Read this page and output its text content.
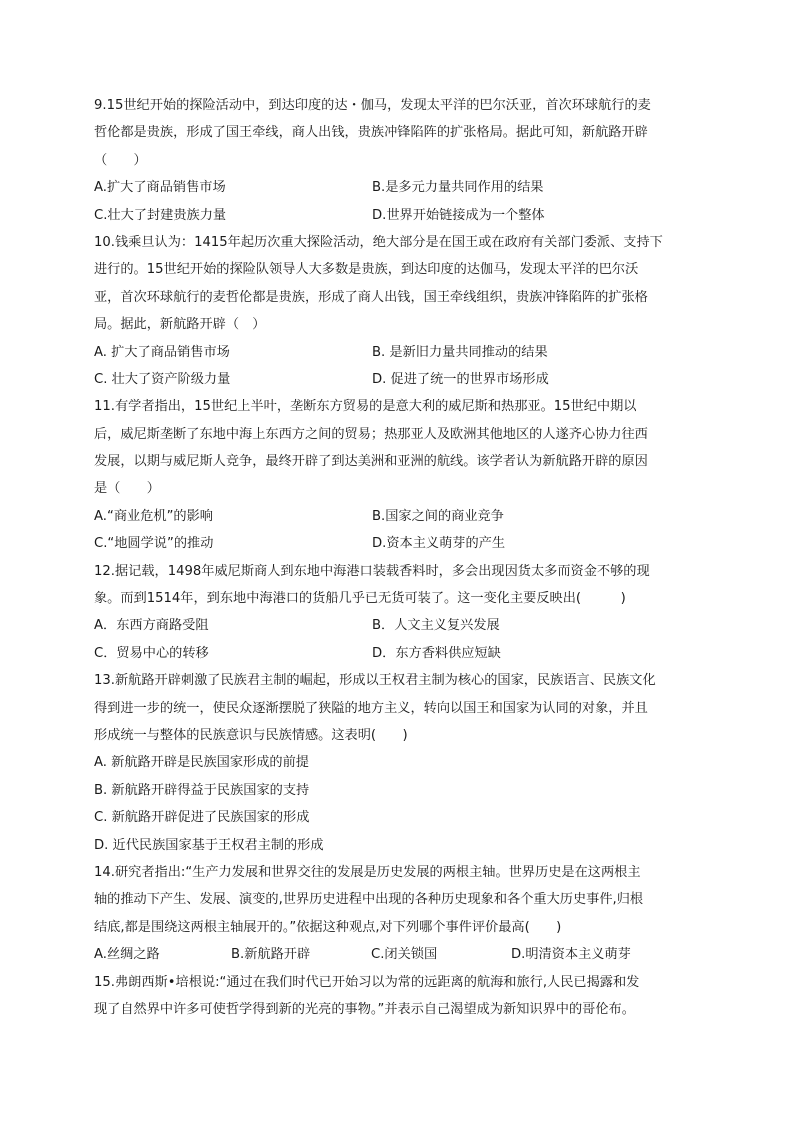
9.15世纪开始的探险活动中，到达印度的达・伽马，发现太平洋的巴尔沃亚，首次环球航行的麦
哲伦都是贵族，形成了国王牵线，商人出钱，贵族冲锋陷阵的扩张格局。据此可知，新航路开辟
（　　）
A.扩大了商品销售市场	B.是多元力量共同作用的结果
C.壮大了封建贵族力量	D.世界开始链接成为一个整体
10.钱乘旦认为：1415年起历次重大探险活动，绝大部分是在国王或在政府有关部门委派、支持下
进行的。15世纪开始的探险队领导人大多数是贵族，到达印度的达伽马，发现太平洋的巴尔沃
亚，首次环球航行的麦哲伦都是贵族，形成了商人出钱，国王牵线组织，贵族冲锋陷阵的扩张格
局。据此，新航路开辟（　）
A. 扩大了商品销售市场	B. 是新旧力量共同推动的结果
C. 壮大了资产阶级力量	D. 促进了统一的世界市场形成
11.有学者指出，15世纪上半叶，垄断东方贸易的是意大利的威尼斯和热那亚。15世纪中期以
后，威尼斯垄断了东地中海上东西方之间的贸易；热那亚人及欧洲其他地区的人遂齐心协力往西
发展，以期与威尼斯人竞争，最终开辟了到达美洲和亚洲的航线。该学者认为新航路开辟的原因
是（　　）
A.“商业危机”的影响	B.国家之间的商业竞争
C.“地圆学说”的推动	D.资本主义萌芽的产生
12.据记载，1498年威尼斯商人到东地中海港口装载香料时，多会出现因货太多而资金不够的现
象。而到1514年，到东地中海港口的货船几乎已无货可装了。这一变化主要反映出(　　　)
A．东西方商路受阻	B．人文主义复兴发展
C．贸易中心的转移	D．东方香料供应短缺
13.新航路开辟刺激了民族君主制的崛起，形成以王权君主制为核心的国家，民族语言、民族文化
得到进一步的统一，使民众逐渐摆脱了狭隘的地方主义，转向以国王和国家为认同的对象，并且
形成统一与整体的民族意识与民族情感。这表明(　　)
A. 新航路开辟是民族国家形成的前提
B. 新航路开辟得益于民族国家的支持
C. 新航路开辟促进了民族国家的形成
D. 近代民族国家基于王权君主制的形成
14.研究者指出:“生产力发展和世界交往的发展是历史发展的两根主轴。世界历史是在这两根主
轴的推动下产生、发展、演变的,世界历史进程中出现的各种历史现象和各个重大历史事件,归根
结底,都是围绕这两根主轴展开的。”依据这种观点,对下列哪个事件评价最高(　　)
A.丝绸之路	B.新航路开辟	C.闭关锁国	D.明清资本主义萌芽
15.弗朗西斯•培根说:“通过在我们时代已开始习以为常的远距离的航海和旅行,人民已揭露和发
现了自然界中许多可使哲学得到新的光亮的事物。”并表示自己渴望成为新知识界中的哥伦布。
